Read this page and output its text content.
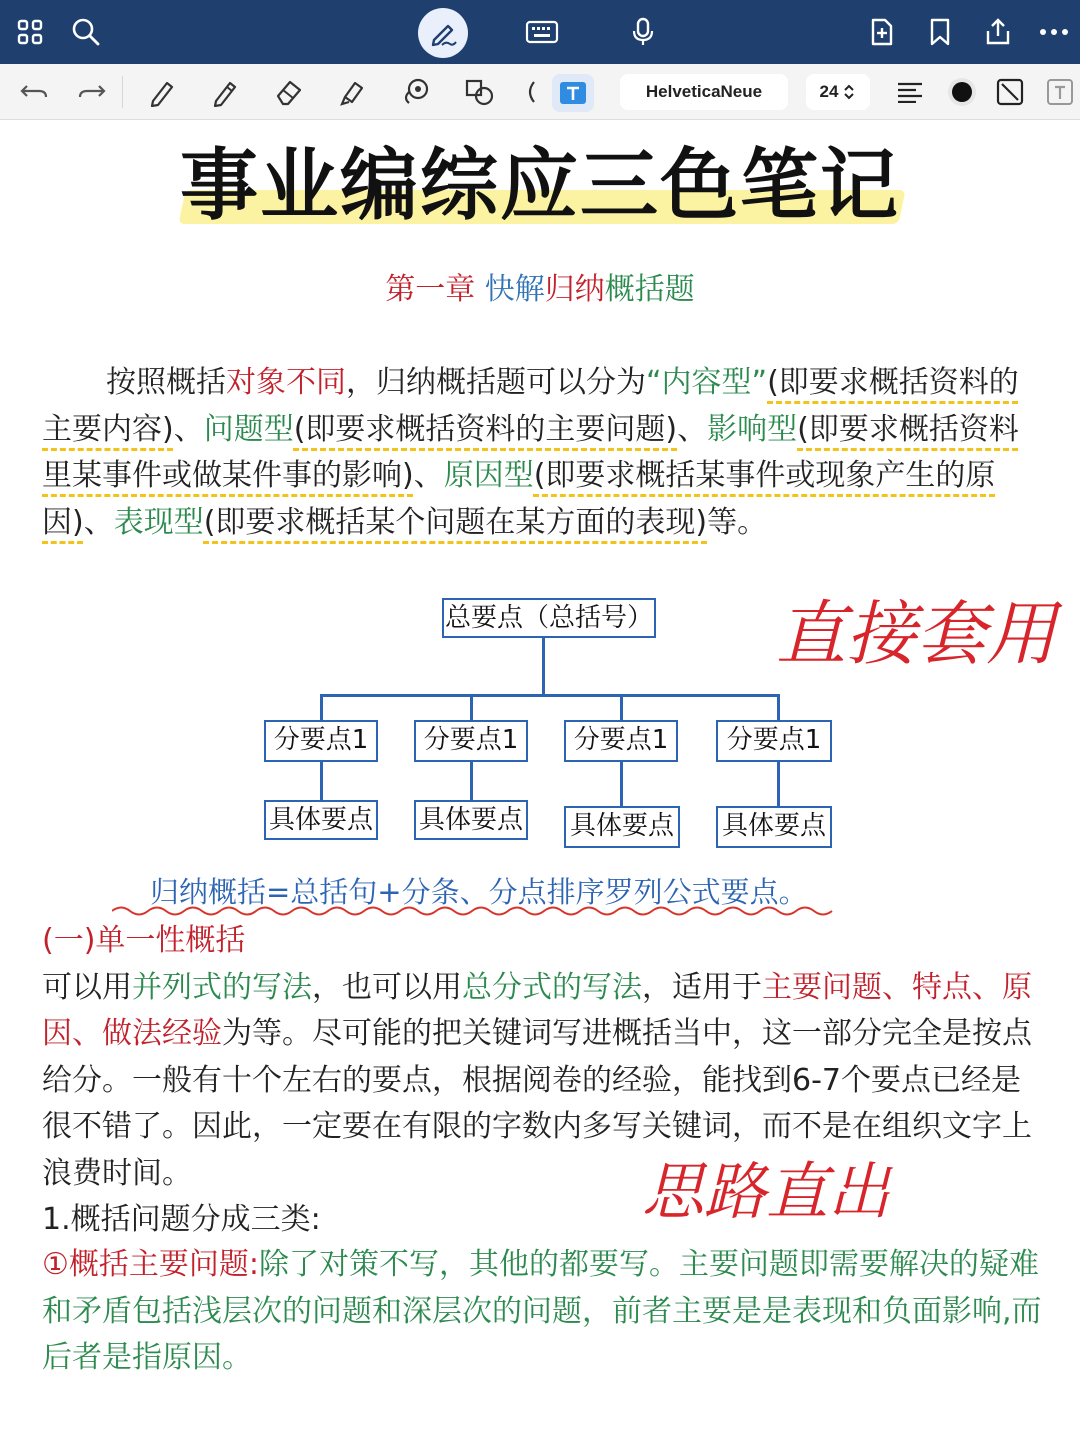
HelveticaNeue	24
事业编综应三色笔记
第一章 快解归纳概括题
按照概括对象不同，归纳概括题可以分为“内容型”(即要求概括资料的主要内容)、问题型(即要求概括资料的主要问题)、影响型(即要求概括资料里某事件或做某件事的影响)、原因型(即要求概括某事件或现象产生的原因)、表现型(即要求概括某个问题在某方面的表现)等。
直接套用
总要点（总括号）
分要点1	分要点1	分要点1	分要点1
具体要点 具体要点 具体要点 具体要点
归纳概括=总括句+分条、分点排序罗列公式要点。
(一)单一性概括
可以用并列式的写法，也可以用总分式的写法，适用于主要问题、特点、原因、做法经验为等。尽可能的把关键词写进概括当中，这一部分完全是按点给分。一般有十个左右的要点，根据阅卷的经验，能找到6-7个要点已经是很不错了。因此，一定要在有限的字数内多写关键词，而不是在组织文字上浪费时间。
1.概括问题分成三类:	思路直出
①概括主要问题:除了对策不写，其他的都要写。主要问题即需要解决的疑难和矛盾包括浅层次的问题和深层次的问题，前者主要是是表现和负面影响,而后者是指原因。
